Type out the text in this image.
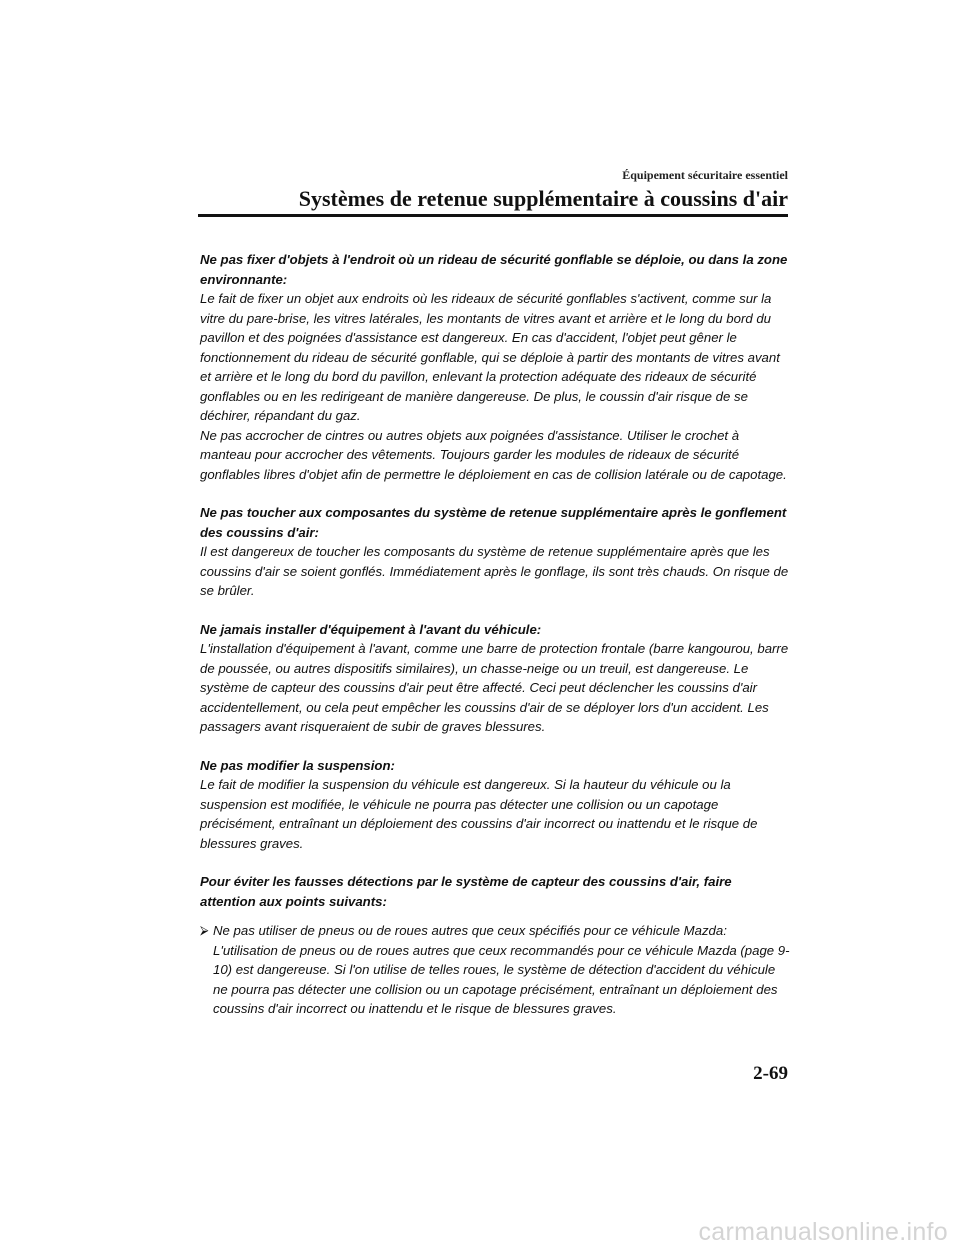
Équipement sécuritaire essentiel
Systèmes de retenue supplémentaire à coussins d'air
Ne pas fixer d'objets à l'endroit où un rideau de sécurité gonflable se déploie, ou dans la zone environnante:
Le fait de fixer un objet aux endroits où les rideaux de sécurité gonflables s'activent, comme sur la vitre du pare-brise, les vitres latérales, les montants de vitres avant et arrière et le long du bord du pavillon et des poignées d'assistance est dangereux. En cas d'accident, l'objet peut gêner le fonctionnement du rideau de sécurité gonflable, qui se déploie à partir des montants de vitres avant et arrière et le long du bord du pavillon, enlevant la protection adéquate des rideaux de sécurité gonflables ou en les redirigeant de manière dangereuse. De plus, le coussin d'air risque de se déchirer, répandant du gaz.
Ne pas accrocher de cintres ou autres objets aux poignées d'assistance. Utiliser le crochet à manteau pour accrocher des vêtements. Toujours garder les modules de rideaux de sécurité gonflables libres d'objet afin de permettre le déploiement en cas de collision latérale ou de capotage.
Ne pas toucher aux composantes du système de retenue supplémentaire après le gonflement des coussins d'air:
Il est dangereux de toucher les composants du système de retenue supplémentaire après que les coussins d'air se soient gonflés. Immédiatement après le gonflage, ils sont très chauds. On risque de se brûler.
Ne jamais installer d'équipement à l'avant du véhicule:
L'installation d'équipement à l'avant, comme une barre de protection frontale (barre kangourou, barre de poussée, ou autres dispositifs similaires), un chasse-neige ou un treuil, est dangereuse. Le système de capteur des coussins d'air peut être affecté. Ceci peut déclencher les coussins d'air accidentellement, ou cela peut empêcher les coussins d'air de se déployer lors d'un accident. Les passagers avant risqueraient de subir de graves blessures.
Ne pas modifier la suspension:
Le fait de modifier la suspension du véhicule est dangereux. Si la hauteur du véhicule ou la suspension est modifiée, le véhicule ne pourra pas détecter une collision ou un capotage précisément, entraînant un déploiement des coussins d'air incorrect ou inattendu et le risque de blessures graves.
Pour éviter les fausses détections par le système de capteur des coussins d'air, faire attention aux points suivants:
⮚ Ne pas utiliser de pneus ou de roues autres que ceux spécifiés pour ce véhicule Mazda: L'utilisation de pneus ou de roues autres que ceux recommandés pour ce véhicule Mazda (page 9-10) est dangereuse. Si l'on utilise de telles roues, le système de détection d'accident du véhicule ne pourra pas détecter une collision ou un capotage précisément, entraînant un déploiement des coussins d'air incorrect ou inattendu et le risque de blessures graves.
2-69
carmanualsonline.info
